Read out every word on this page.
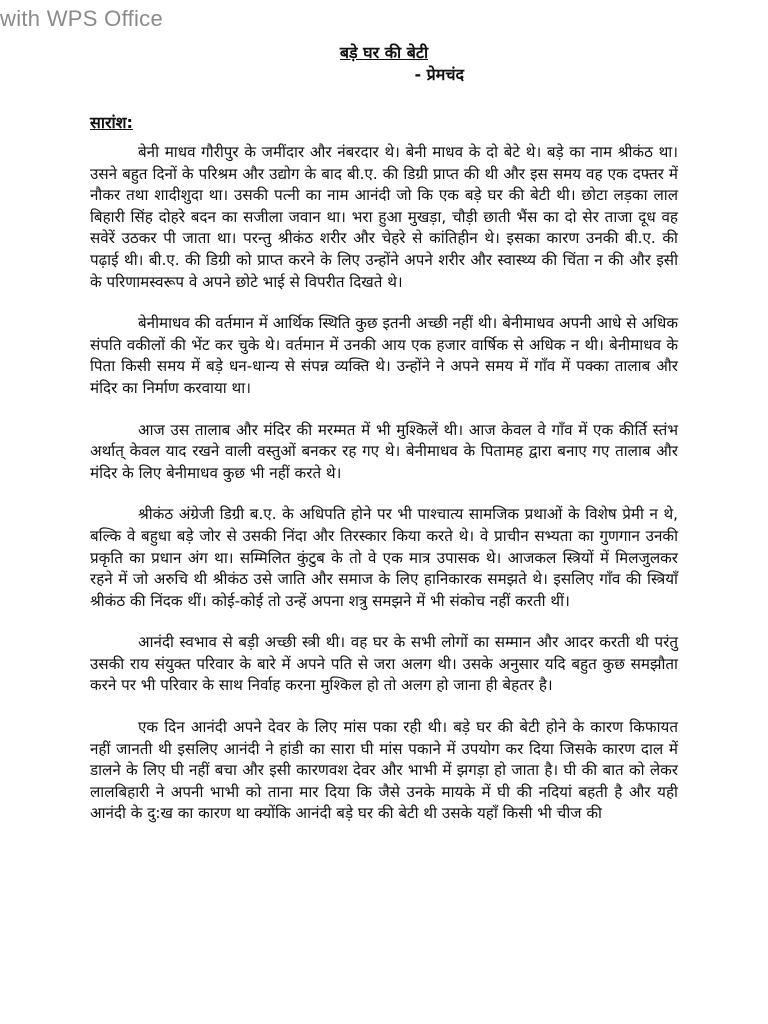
with WPS Office
बड़े घर की बेटी

- प्रेमचंद

सारांश:

बेनी माधव गौरीपुर के जमींदार और नंबरदार थे। बेनी माधव के दो बेटे थे। बड़े का नाम श्रीकंठ था। उसने बहुत दिनों के परिश्रम और उद्योग के बाद बी.ए. की डिग्री प्राप्त की थी और इस समय वह एक दफ्तर में नौकर तथा शादीशुदा था। उसकी पत्नी का नाम आनंदी जो कि एक बड़े घर की बेटी थी। छोटा लड़का लाल बिहारी सिंह दोहरे बदन का सजीला जवान था। भरा हुआ मुखड़ा, चौड़ी छाती भैंस का दो सेर ताजा दूध वह सवेरें उठकर पी जाता था। परन्तु श्रीकंठ शरीर और चेहरे से कांतिहीन थे। इसका कारण उनकी बी.ए. की पढ़ाई थी। बी.ए. की डिग्री को प्राप्त करने के लिए उन्होंने अपने शरीर और स्वास्थ्य की चिंता न की और इसी के परिणामस्वरूप वे अपने छोटे भाई से विपरीत दिखते थे।

बेनीमाधव की वर्तमान में आर्थिक स्थिति कुछ इतनी अच्छी नहीं थी। बेनीमाधव अपनी आधे से अधिक संपति वकीलों की भेंट कर चुके थे। वर्तमान में उनकी आय एक हजार वार्षिक से अधिक न थी। बेनीमाधव के पिता किसी समय में बड़े धन-धान्य से संपन्न व्यक्ति थे। उन्होंने ने अपने समय में गाँव में पक्का तालाब और मंदिर का निर्माण करवाया था।

आज उस तालाब और मंदिर की मरम्मत में भी मुश्किलें थी। आज केवल वे गाँव में एक कीर्ति स्तंभ अर्थात् केवल याद रखने वाली वस्तुओं बनकर रह गए थे। बेनीमाधव के पितामह द्वारा बनाए गए तालाब और मंदिर के लिए बेनीमाधव कुछ भी नहीं करते थे।

श्रीकंठ अंग्रेजी डिग्री ब.ए. के अधिपति होने पर भी पाश्चात्य सामजिक प्रथाओं के विशेष प्रेमी न थे, बल्कि वे बहुधा बड़े जोर से उसकी निंदा और तिरस्कार किया करते थे। वे प्राचीन सभ्यता का गुणगान उनकी प्रकृति का प्रधान अंग था। सम्मिलित कुंटुब के तो वे एक मात्र उपासक थे। आजकल स्त्रियों में मिलजुलकर रहने में जो अरुचि थी श्रीकंठ उसे जाति और समाज के लिए हानिकारक समझते थे। इसलिए गाँव की स्त्रियाँ श्रीकंठ की निंदक थीं। कोई-कोई तो उन्हें अपना शत्रु समझने में भी संकोच नहीं करती थीं।

आनंदी स्वभाव से बड़ी अच्छी स्त्री थी। वह घर के सभी लोगों का सम्मान और आदर करती थी परंतु उसकी राय संयुक्त परिवार के बारे में अपने पति से जरा अलग थी। उसके अनुसार यदि बहुत कुछ समझौता करने पर भी परिवार के साथ निर्वाह करना मुश्किल हो तो अलग हो जाना ही बेहतर है।

एक दिन आनंदी अपने देवर के लिए मांस पका रही थी। बड़े घर की बेटी होने के कारण किफायत नहीं जानती थी इसलिए आनंदी ने हांडी का सारा घी मांस पकाने में उपयोग कर दिया जिसके कारण दाल में डालने के लिए घी नहीं बचा और इसी कारणवश देवर और भाभी में झगड़ा हो जाता है। घी की बात को लेकर लालबिहारी ने अपनी भाभी को ताना मार दिया कि जैसे उनके मायके में घी की नदियां बहती है और यही आनंदी के दु:ख का कारण था क्योंकि आनंदी बड़े घर की बेटी थी उसके यहाँ किसी भी चीज की
